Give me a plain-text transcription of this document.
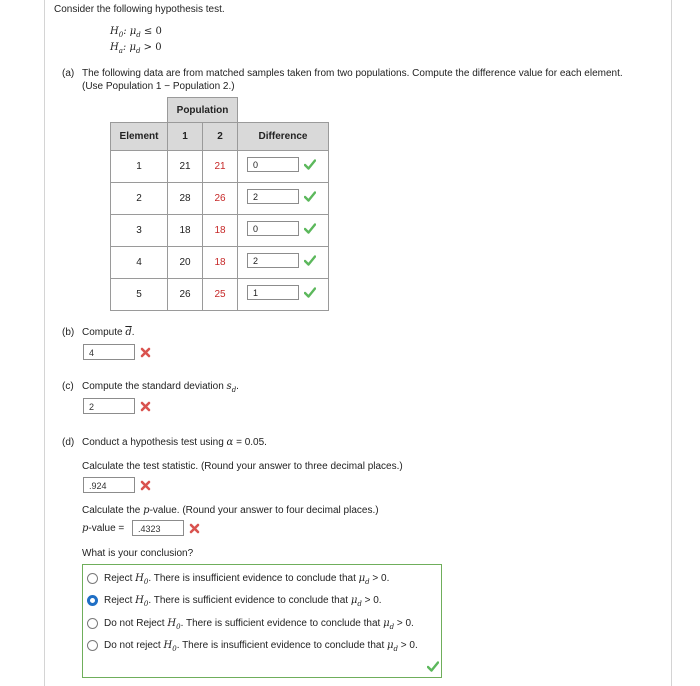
Consider the following hypothesis test.
$H_0$: $\mu_d \le 0$
$H_a$: $\mu_d > 0$
(a) The following data are from matched samples taken from two populations. Compute the difference value for each element.
(Use Population 1 − Population 2.)
	Population		
Element	1	2	Difference
1	21	21	0

2	28	26	2

3	18	18	0

4	20	18	2

5	26	25	1
(b) Compute $\overline{d}$.
4
(c) Compute the standard deviation $s_d$.
2
(d) Conduct a hypothesis test using α = 0.05.
Calculate the test statistic. (Round your answer to three decimal places.)
.924
Calculate the p-value. (Round your answer to four decimal places.)
p-value =	.4323
What is your conclusion?
Reject $H_0$. There is insufficient evidence to conclude that $\mu_d > 0$.
Reject $H_0$. There is sufficient evidence to conclude that $\mu_d > 0$.
Do not Reject $H_0$. There is sufficient evidence to conclude that $\mu_d > 0$.
Do not reject $H_0$. There is insufficient evidence to conclude that $\mu_d > 0$.
